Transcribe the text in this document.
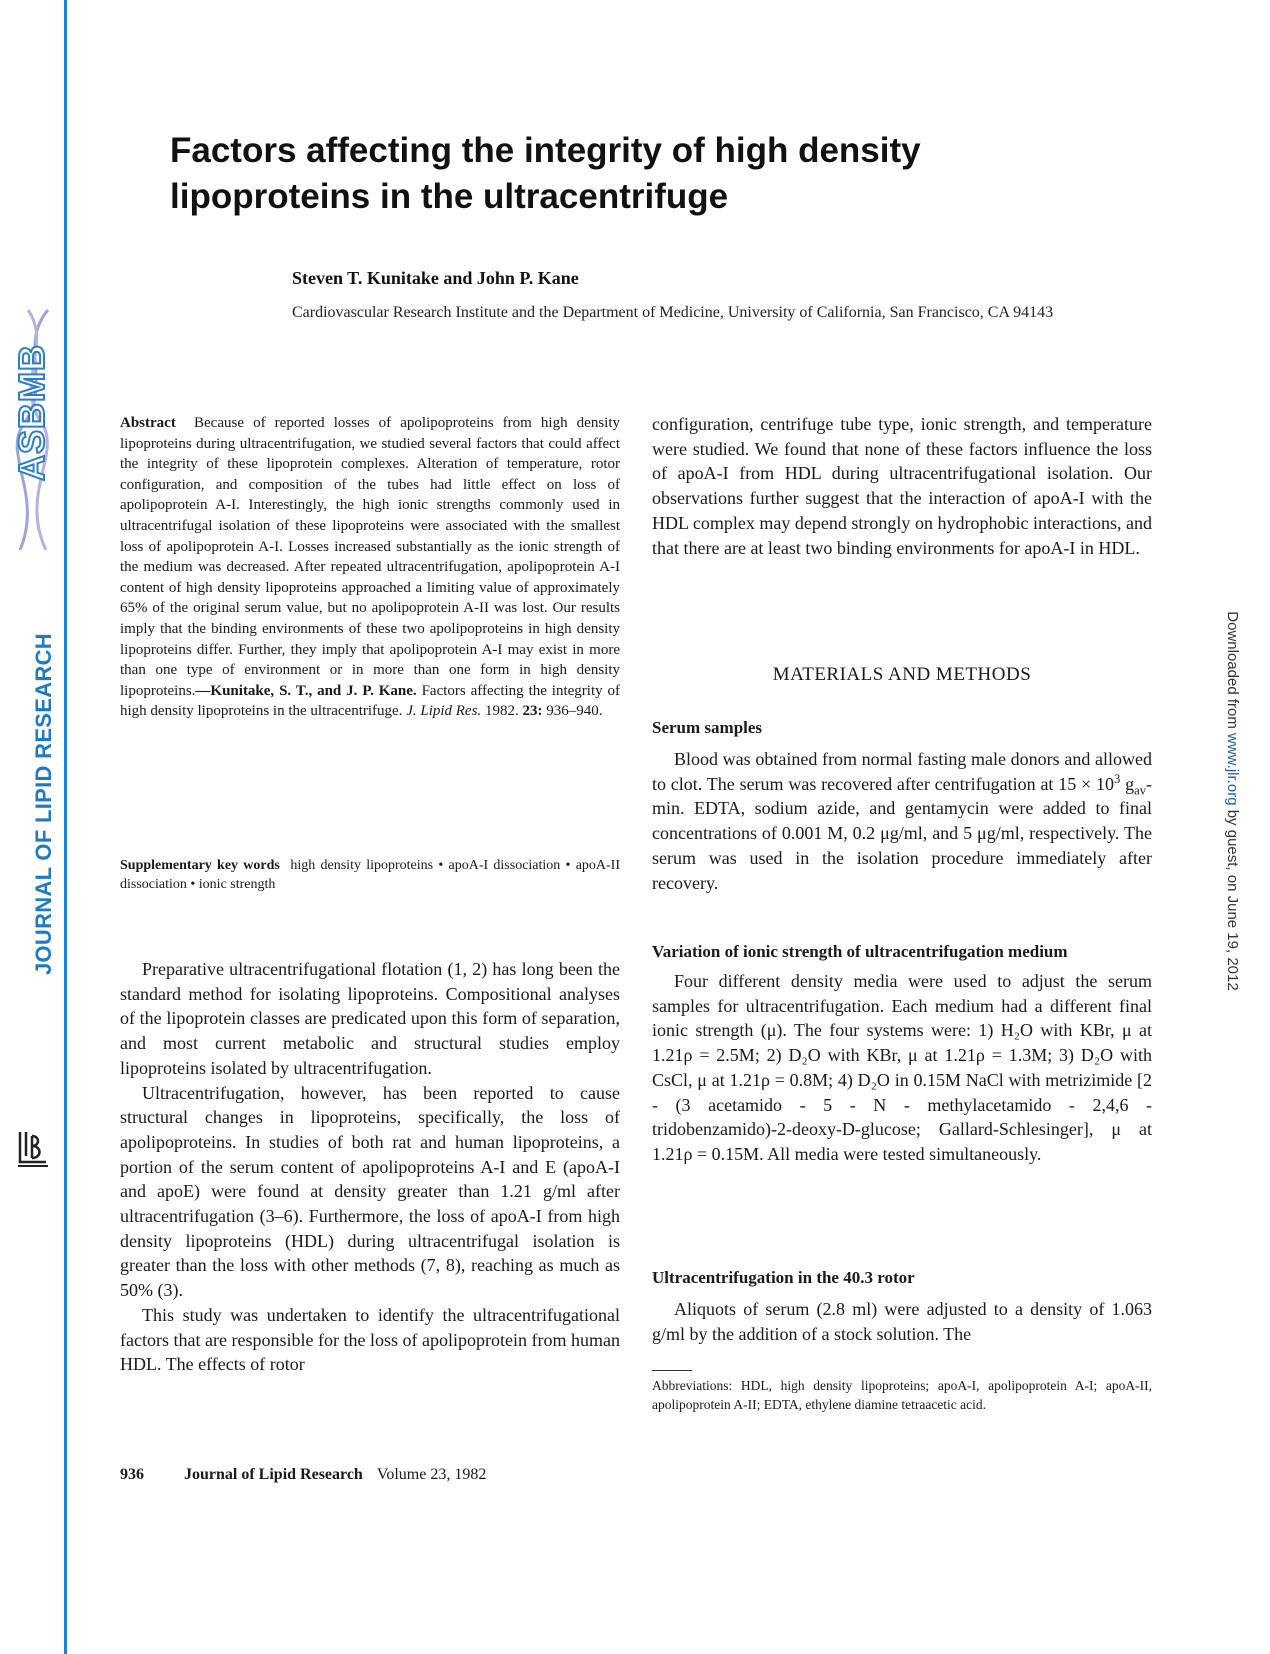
ASBMB
JOURNAL OF LIPID RESEARCH	Downloaded from www.jlr.org by guest, on June 19, 2012
Factors affecting the integrity of high density lipoproteins in the ultracentrifuge
Steven T. Kunitake and John P. Kane
Cardiovascular Research Institute and the Department of Medicine, University of California, San Francisco, CA 94143

Abstract Because of reported losses of apolipoproteins from high density lipoproteins during ultracentrifugation, we studied several factors that could affect the integrity of these lipoprotein complexes. Alteration of temperature, rotor configuration, and composition of the tubes had little effect on loss of apolipoprotein A-I. Interestingly, the high ionic strengths commonly used in ultracentrifugal isolation of these lipoproteins were associated with the smallest loss of apolipoprotein A-I. Losses increased substantially as the ionic strength of the medium was decreased. After repeated ultracentrifugation, apolipoprotein A-I content of high density lipoproteins approached a limiting value of approximately 65% of the original serum value, but no apolipoprotein A-II was lost. Our results imply that the binding environments of these two apolipoproteins in high density lipoproteins differ. Further, they imply that apolipoprotein A-I may exist in more than one type of environment or in more than one form in high density lipoproteins.—Kunitake, S. T., and J. P. Kane. Factors affecting the integrity of high density lipoproteins in the ultracentrifuge. J. Lipid Res. 1982. 23: 936–940.

Supplementary key words high density lipoproteins • apoA-I dissociation • apoA-II dissociation • ionic strength

Preparative ultracentrifugational flotation (1, 2) has long been the standard method for isolating lipoproteins. Compositional analyses of the lipoprotein classes are predicated upon this form of separation, and most current metabolic and structural studies employ lipoproteins isolated by ultracentrifugation.

Ultracentrifugation, however, has been reported to cause structural changes in lipoproteins, specifically, the loss of apolipoproteins. In studies of both rat and human lipoproteins, a portion of the serum content of apolipoproteins A-I and E (apoA-I and apoE) were found at density greater than 1.21 g/ml after ultracentrifugation (3–6). Furthermore, the loss of apoA-I from high density lipoproteins (HDL) during ultracentrifugal isolation is greater than the loss with other methods (7, 8), reaching as much as 50% (3).

This study was undertaken to identify the ultracentrifugational factors that are responsible for the loss of apolipoprotein from human HDL. The effects of rotor

configuration, centrifuge tube type, ionic strength, and temperature were studied. We found that none of these factors influence the loss of apoA-I from HDL during ultracentrifugational isolation. Our observations further suggest that the interaction of apoA-I with the HDL complex may depend strongly on hydrophobic interactions, and that there are at least two binding environments for apoA-I in HDL.

MATERIALS AND METHODS
Serum samples

Blood was obtained from normal fasting male donors and allowed to clot. The serum was recovered after centrifugation at $15 \times 10^3$ $g_{av}-\min$. EDTA, sodium azide, and gentamycin were added to final concentrations of 0.001 M, 0.2 μg/ml, and 5 μg/ml, respectively. The serum was used in the isolation procedure immediately after recovery.

Variation of ionic strength of ultracentrifugation medium

Four different density media were used to adjust the serum samples for ultracentrifugation. Each medium had a different final ionic strength (μ). The four systems were: 1) H₂O with KBr, μ at 1.21ρ = 2.5M; 2) D₂O with KBr, μ at 1.21ρ = 1.3M; 3) D₂O with CsCl, μ at 1.21ρ = 0.8M; 4) D₂O in 0.15M NaCl with metrizimide [2 - (3 acetamido - 5 - N - methylacetamido - 2,4,6 - tridobenzamido)-2-deoxy-D-glucose; Gallard-Schlesinger], μ at 1.21ρ = 0.15M. All media were tested simultaneously.

Ultracentrifugation in the 40.3 rotor

Aliquots of serum (2.8 ml) were adjusted to a density of 1.063 g/ml by the addition of a stock solution. The

Abbreviations: HDL, high density lipoproteins; apoA-I, apolipoprotein A-I; apoA-II, apolipoprotein A-II; EDTA, ethylene diamine tetraacetic acid.

936	Journal of Lipid Research Volume 23, 1982
